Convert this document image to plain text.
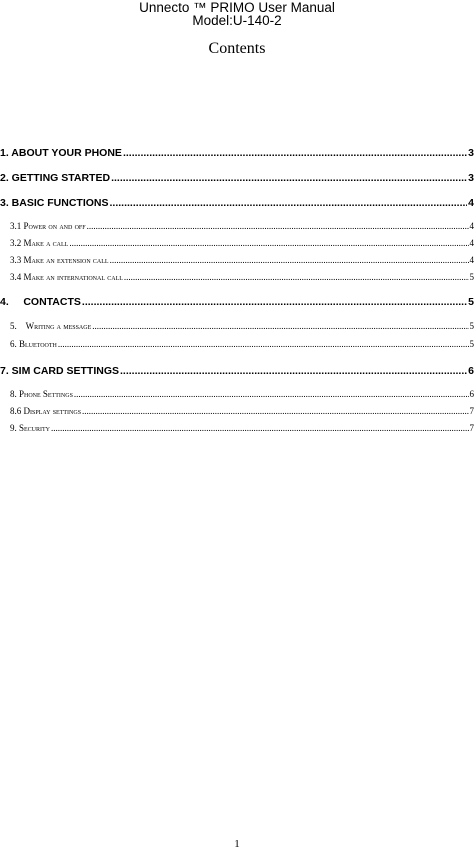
Unnecto ™ PRIMO User Manual
Model:U-140-2
Contents
1. ABOUT YOUR PHONE .....	3
2. GETTING STARTED .....	3
3. BASIC FUNCTIONS .....	4
3.1 Power on and off .....	4
3.2 Make a call .....	4
3.3 Make an extension call .....	4
3.4 Make an international call .....	5
4.     CONTACTS .....	5
5.    Writing a message .....	5
6. Bluetooth .....	5
7. SIM CARD SETTINGS .....	6
8. Phone Settings .....	6
8.6 Display settings .....	7
9. Security .....	7
1
